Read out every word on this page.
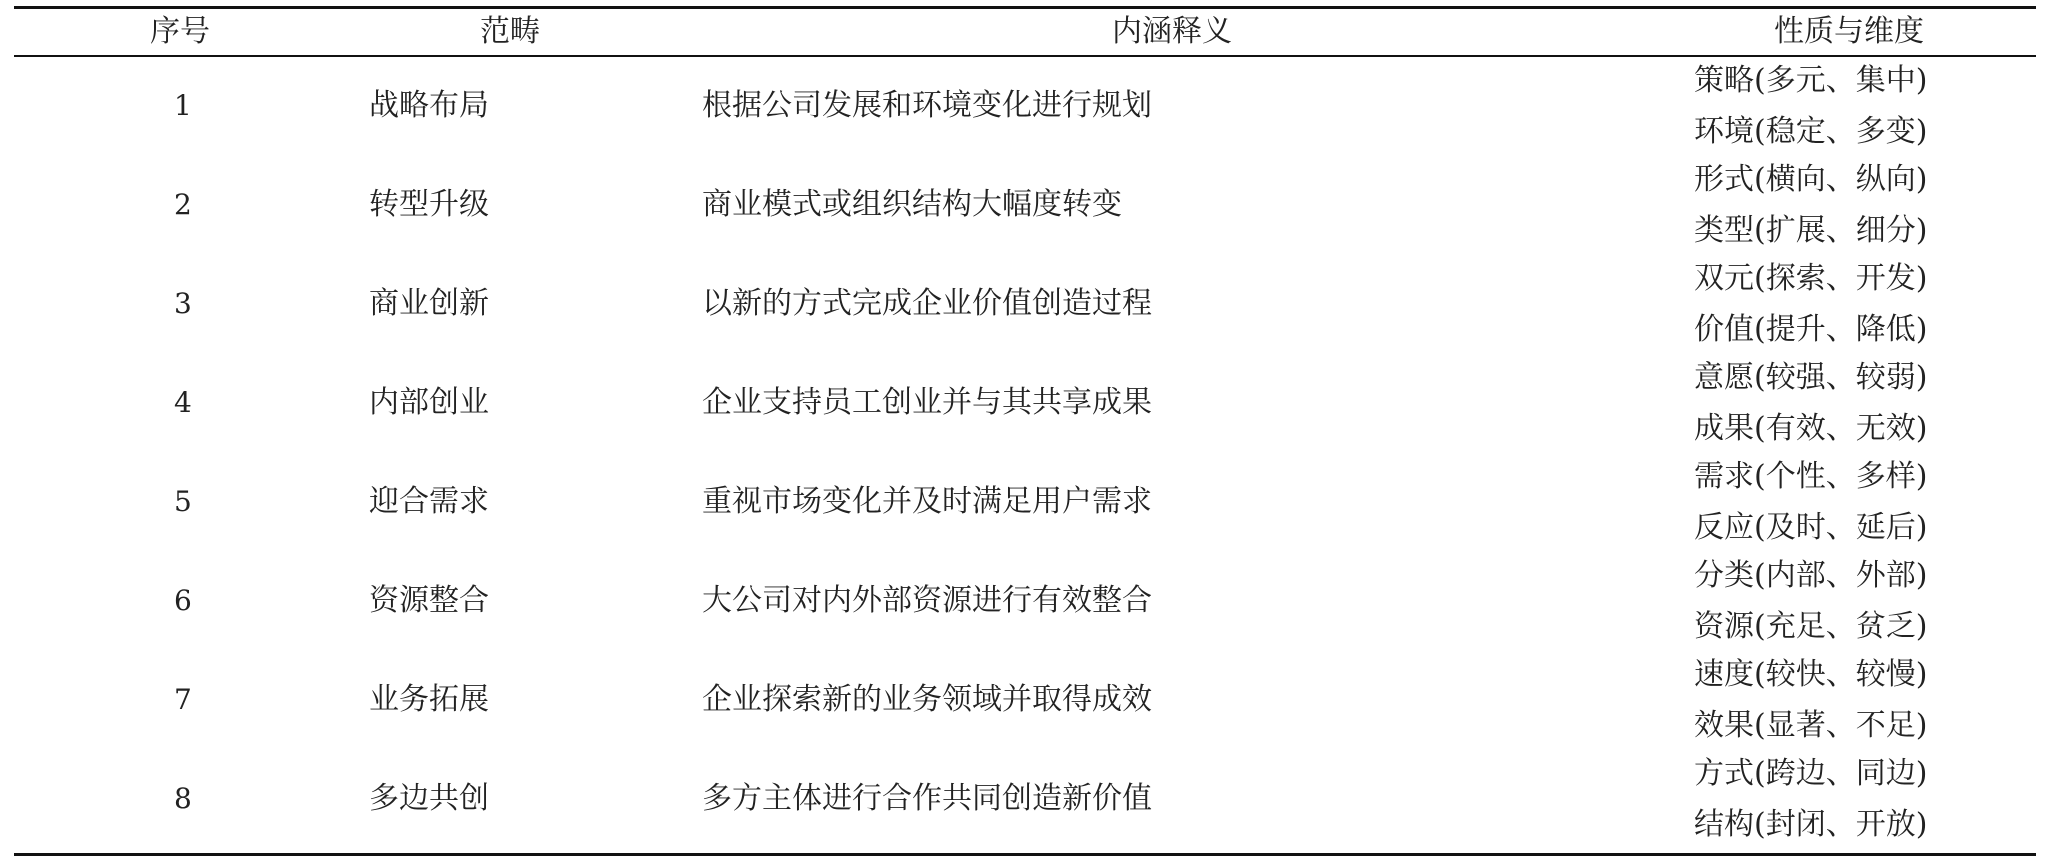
序号	范畴	内涵释义	性质与维度
1	战略布局	根据公司发展和环境变化进行规划
策略(多元、集中)
环境(稳定、多变)
2	转型升级	商业模式或组织结构大幅度转变
形式(横向、纵向)
类型(扩展、细分)
3	商业创新	以新的方式完成企业价值创造过程
双元(探索、开发)
价值(提升、降低)
4	内部创业	企业支持员工创业并与其共享成果
意愿(较强、较弱)
成果(有效、无效)
5	迎合需求	重视市场变化并及时满足用户需求
需求(个性、多样)
反应(及时、延后)
6	资源整合	大公司对内外部资源进行有效整合
分类(内部、外部)
资源(充足、贫乏)
7	业务拓展	企业探索新的业务领域并取得成效
速度(较快、较慢)
效果(显著、不足)
8	多边共创	多方主体进行合作共同创造新价值
方式(跨边、同边)
结构(封闭、开放)
